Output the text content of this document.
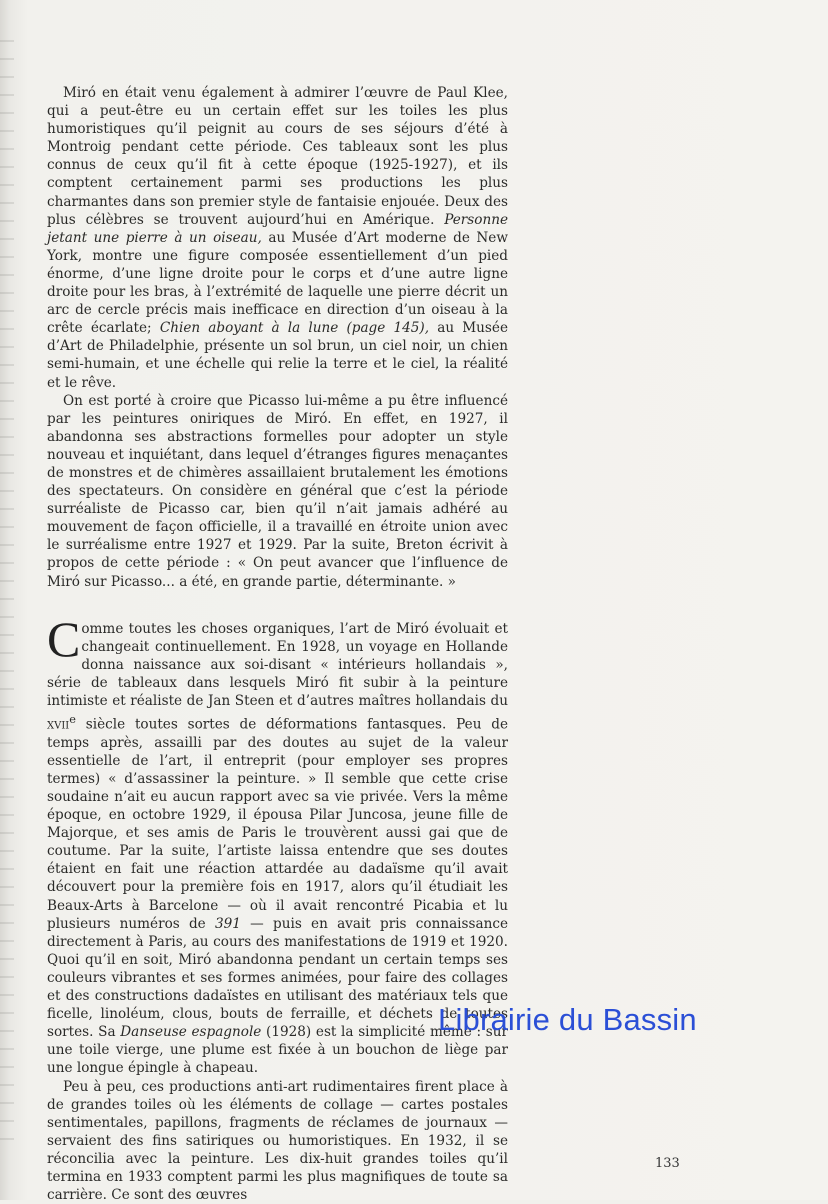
Miró en était venu également à admirer l’œuvre de Paul Klee, qui a peut-être eu un certain effet sur les toiles les plus humoristiques qu’il peignit au cours de ses séjours d’été à Montroig pendant cette période. Ces tableaux sont les plus connus de ceux qu’il fit à cette époque (1925-1927), et ils comptent certainement parmi ses productions les plus charmantes dans son premier style de fantaisie enjouée. Deux des plus célèbres se trouvent aujourd’hui en Amérique. Personne jetant une pierre à un oiseau, au Musée d’Art moderne de New York, montre une figure composée essentiellement d’un pied énorme, d’une ligne droite pour le corps et d’une autre ligne droite pour les bras, à l’extrémité de laquelle une pierre décrit un arc de cercle précis mais inefficace en direction d’un oiseau à la crête écarlate; Chien aboyant à la lune (page 145), au Musée d’Art de Philadelphie, présente un sol brun, un ciel noir, un chien semi-humain, et une échelle qui relie la terre et le ciel, la réalité et le rêve.

On est porté à croire que Picasso lui-même a pu être influencé par les peintures oniriques de Miró. En effet, en 1927, il abandonna ses abstractions formelles pour adopter un style nouveau et inquiétant, dans lequel d’étranges figures menaçantes de monstres et de chimères assaillaient brutalement les émotions des spectateurs. On considère en général que c’est la période surréaliste de Picasso car, bien qu’il n’ait jamais adhéré au mouvement de façon officielle, il a travaillé en étroite union avec le surréalisme entre 1927 et 1929. Par la suite, Breton écrivit à propos de cette période : « On peut avancer que l’influence de Miró sur Picasso... a été, en grande partie, déterminante. »

Comme toutes les choses organiques, l’art de Miró évoluait et changeait continuellement. En 1928, un voyage en Hollande donna naissance aux soi-disant « intérieurs hollandais », série de tableaux dans lesquels Miró fit subir à la peinture intimiste et réaliste de Jan Steen et d’autres maîtres hollandais du xvii$^e$ siècle toutes sortes de déformations fantasques. Peu de temps après, assailli par des doutes au sujet de la valeur essentielle de l’art, il entreprit (pour employer ses propres termes) « d’assassiner la peinture. » Il semble que cette crise soudaine n’ait eu aucun rapport avec sa vie privée. Vers la même époque, en octobre 1929, il épousa Pilar Juncosa, jeune fille de Majorque, et ses amis de Paris le trouvèrent aussi gai que de coutume. Par la suite, l’artiste laissa entendre que ses doutes étaient en fait une réaction attardée au dadaïsme qu’il avait découvert pour la première fois en 1917, alors qu’il étudiait les Beaux-Arts à Barcelone — où il avait rencontré Picabia et lu plusieurs numéros de 391 — puis en avait pris connaissance directement à Paris, au cours des manifestations de 1919 et 1920. Quoi qu’il en soit, Miró abandonna pendant un certain temps ses couleurs vibrantes et ses formes animées, pour faire des collages et des constructions dadaïstes en utilisant des matériaux tels que ficelle, linoléum, clous, bouts de ferraille, et déchets de toutes sortes. Sa Danseuse espagnole (1928) est la simplicité même : sur une toile vierge, une plume est fixée à un bouchon de liège par une longue épingle à chapeau.

Peu à peu, ces productions anti-art rudimentaires firent place à de grandes toiles où les éléments de collage — cartes postales sentimentales, papillons, fragments de réclames de journaux — servaient des fins satiriques ou humoristiques. En 1932, il se réconcilia avec la peinture. Les dix-huit grandes toiles qu’il termina en 1933 comptent parmi les plus magnifiques de toute sa carrière. Ce sont des œuvres

Librairie du Bassin
133
